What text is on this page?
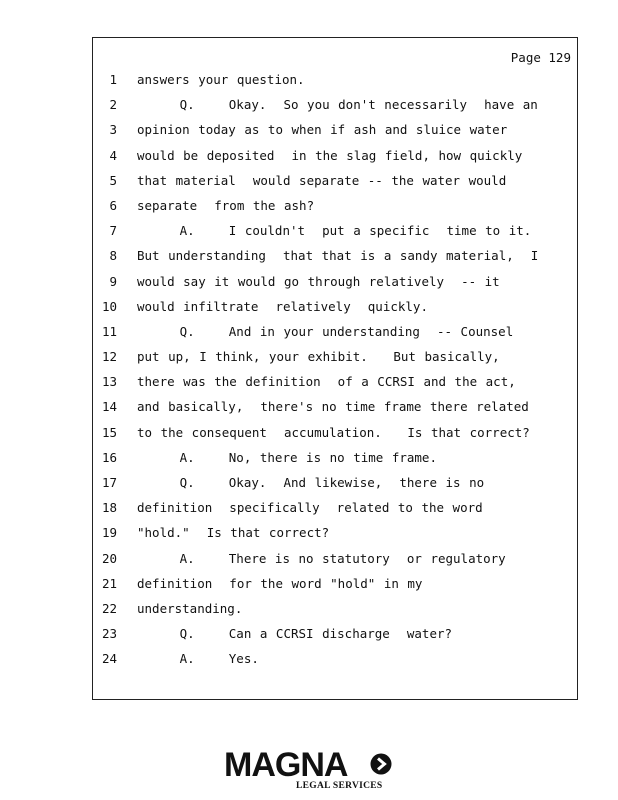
Page 129
1 answers your question.
2 Q.    Okay.  So you don't necessarily  have an
3 opinion today as to when if ash and sluice water
4 would be deposited  in the slag field, how quickly
5 that material  would separate -- the water would
6 separate  from the ash?
7 A.    I couldn't  put a specific  time to it.
8 But understanding  that that is a sandy material,  I
9 would say it would go through relatively  -- it
10 would infiltrate  relatively  quickly.
11 Q.    And in your understanding  -- Counsel
12 put up, I think, your exhibit.   But basically,
13 there was the definition  of a CCRSI and the act,
14 and basically,  there's no time frame there related
15 to the consequent  accumulation.   Is that correct?
16 A.    No, there is no time frame.
17 Q.    Okay.  And likewise,  there is no
18 definition  specifically  related to the word
19 "hold."  Is that correct?
20 A.    There is no statutory  or regulatory
21 definition  for the word "hold" in my
22 understanding.
23 Q.    Can a CCRSI discharge  water?
24 A.    Yes.
MAGNA
LEGAL SERVICES
